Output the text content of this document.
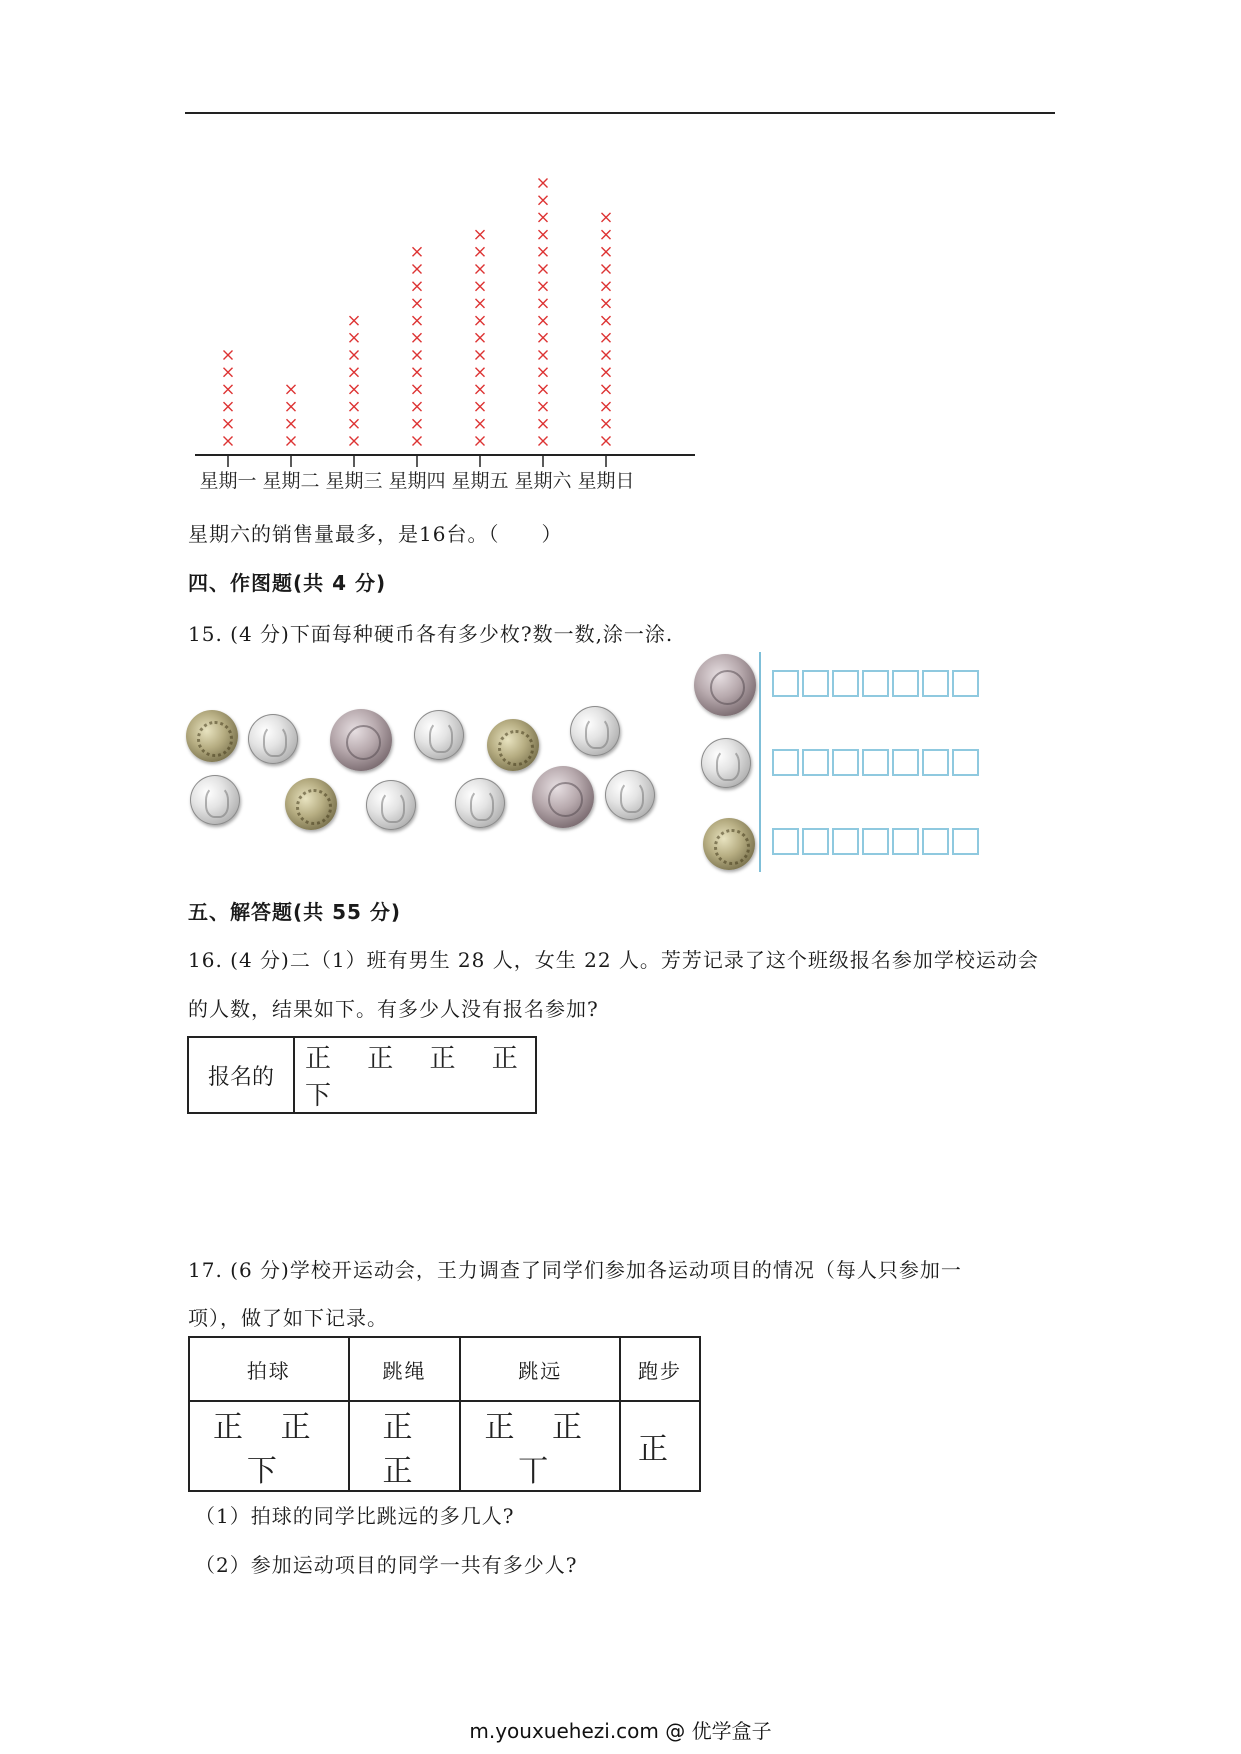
星期一 星期二 星期三 星期四 星期五 星期六 星期日
星期六的销售量最多，是16台。（　　）
四、作图题(共 4 分)
15. (4 分)下面每种硬币各有多少枚?数一数,涂一涂.
五、解答题(共 55 分)
16. (4 分)二（1）班有男生 28 人，女生 22 人。芳芳记录了这个班级报名参加学校运动会
的人数，结果如下。有多少人没有报名参加?
报名的	正 正 正 正 下
17. (6 分)学校开运动会，王力调查了同学们参加各运动项目的情况（每人只参加一
项），做了如下记录。
拍球	跳绳	跳远	跑步
正 正 下	正 正	正 正 丅	正
（1）拍球的同学比跳远的多几人?
（2）参加运动项目的同学一共有多少人?
m.youxuehezi.com @ 优学盒子
